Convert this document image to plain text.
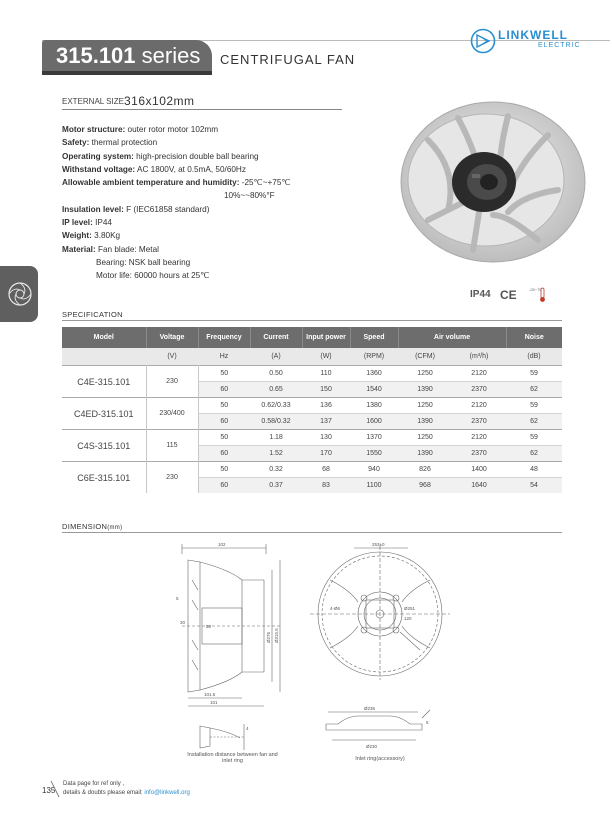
315.101 series	CENTRIFUGAL FAN
LINKWELL
ELECTRIC
EXTERNAL SIZE 316x102mm
Motor structure: outer rotor motor 102mm
Safety: thermal protection
Operating system: high-precision double ball bearing
Withstand voltage: AC 1800V, at 0.5mA, 50/60Hz
Allowable ambient temperature and humidity: -25℃~+75℃
10%~~80%°F
Insulation level: F (IEC61858 standard)
IP level: IP44
Weight: 3.80Kg
Material: Fan blade: Metal
Bearing: NSK ball bearing
Motor life: 60000 hours at 25℃
IP44 CE	-25~75
SPECIFICATION
Model	Voltage	Frequency	Current	Input power	Speed	Air volume		Noise
	(V)	Hz	(A)	(W)	(RPM)	(CFM)	(m³/h)	(dB)
C4E-315.101	230	50	0.50	110	1360	1250	2120	59
		60	0.65	150	1540	1390	2370	62
C4ED-315.101	230/400	50	0.62/0.33	136	1380	1250	2120	59
		60	0.58/0.32	137	1600	1390	2370	62
C4S-315.101	115	50	1.18	130	1370	1250	2120	59
		60	1.52	170	1550	1390	2370	62
C6E-315.101	230	50	0.32	68	940	826	1400	48
		60	0.37	83	1100	968	1640	54
DIMENSION(mm)
102
101.5
101
5
30
58
Ø276 Ø315.5
4
Installation distance between fan and inlet ring
253±0
4-Ø6
120
Ø251
Ø236
Ø230
5
Inlet ring(accessory)
135
Data page for ref only ,
details & doubts please email: info@linkwell.org
